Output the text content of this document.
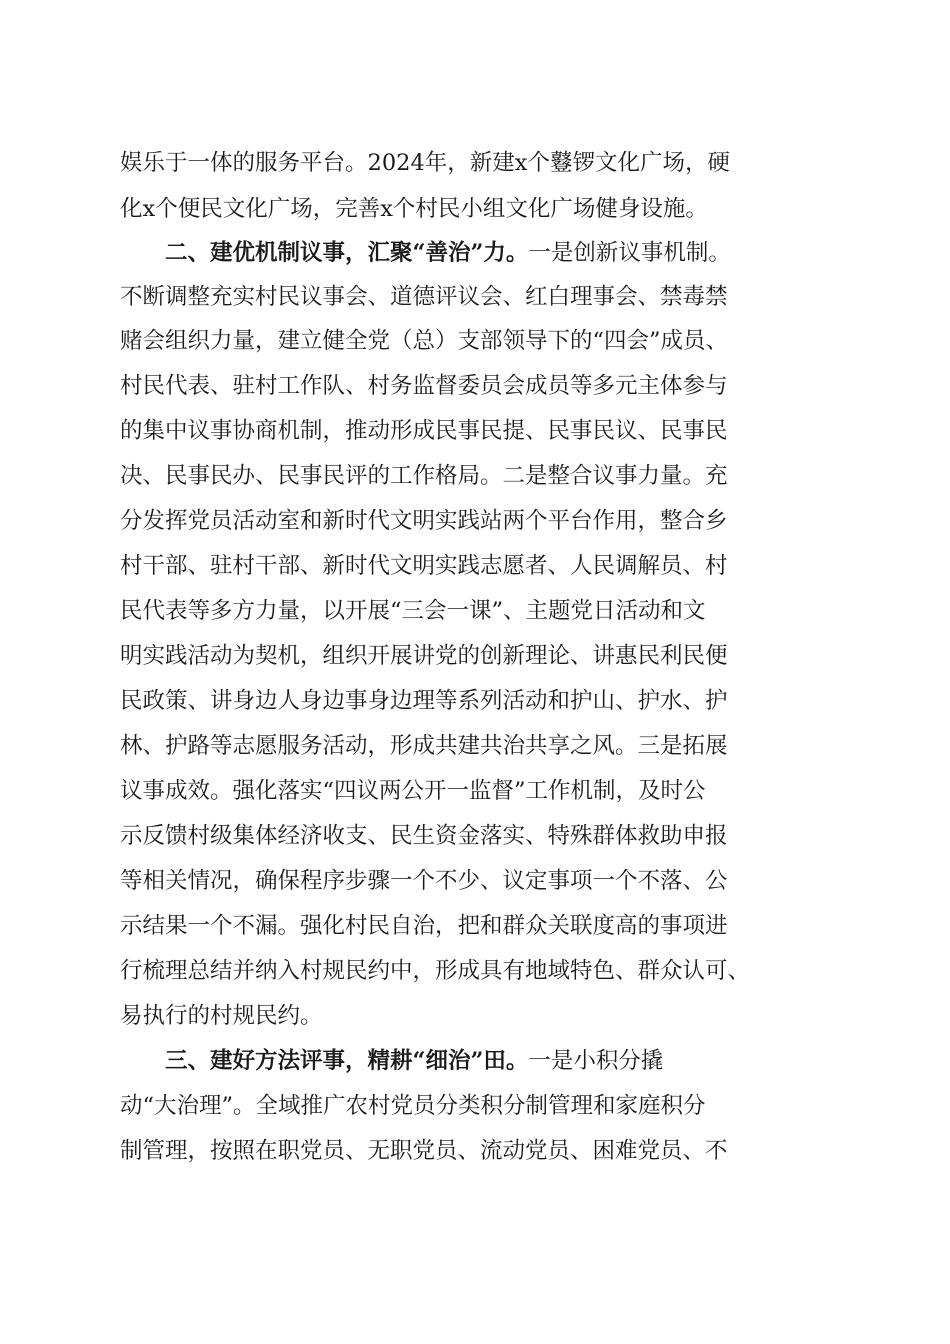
娱乐于一体的服务平台。2024年，新建x个鼟锣文化广场，硬
化x个便民文化广场，完善x个村民小组文化广场健身设施。
二、建优机制议事，汇聚“善治”力。一是创新议事机制。
不断调整充实村民议事会、道德评议会、红白理事会、禁毒禁
赌会组织力量，建立健全党（总）支部领导下的“四会”成员、
村民代表、驻村工作队、村务监督委员会成员等多元主体参与
的集中议事协商机制，推动形成民事民提、民事民议、民事民
决、民事民办、民事民评的工作格局。二是整合议事力量。充
分发挥党员活动室和新时代文明实践站两个平台作用，整合乡
村干部、驻村干部、新时代文明实践志愿者、人民调解员、村
民代表等多方力量，以开展“三会一课”、主题党日活动和文
明实践活动为契机，组织开展讲党的创新理论、讲惠民利民便
民政策、讲身边人身边事身边理等系列活动和护山、护水、护
林、护路等志愿服务活动，形成共建共治共享之风。三是拓展
议事成效。强化落实“四议两公开一监督”工作机制，及时公
示反馈村级集体经济收支、民生资金落实、特殊群体救助申报
等相关情况，确保程序步骤一个不少、议定事项一个不落、公
示结果一个不漏。强化村民自治，把和群众关联度高的事项进
行梳理总结并纳入村规民约中，形成具有地域特色、群众认可、
易执行的村规民约。
三、建好方法评事，精耕“细治”田。一是小积分撬
动“大治理”。全域推广农村党员分类积分制管理和家庭积分
制管理，按照在职党员、无职党员、流动党员、困难党员、不
